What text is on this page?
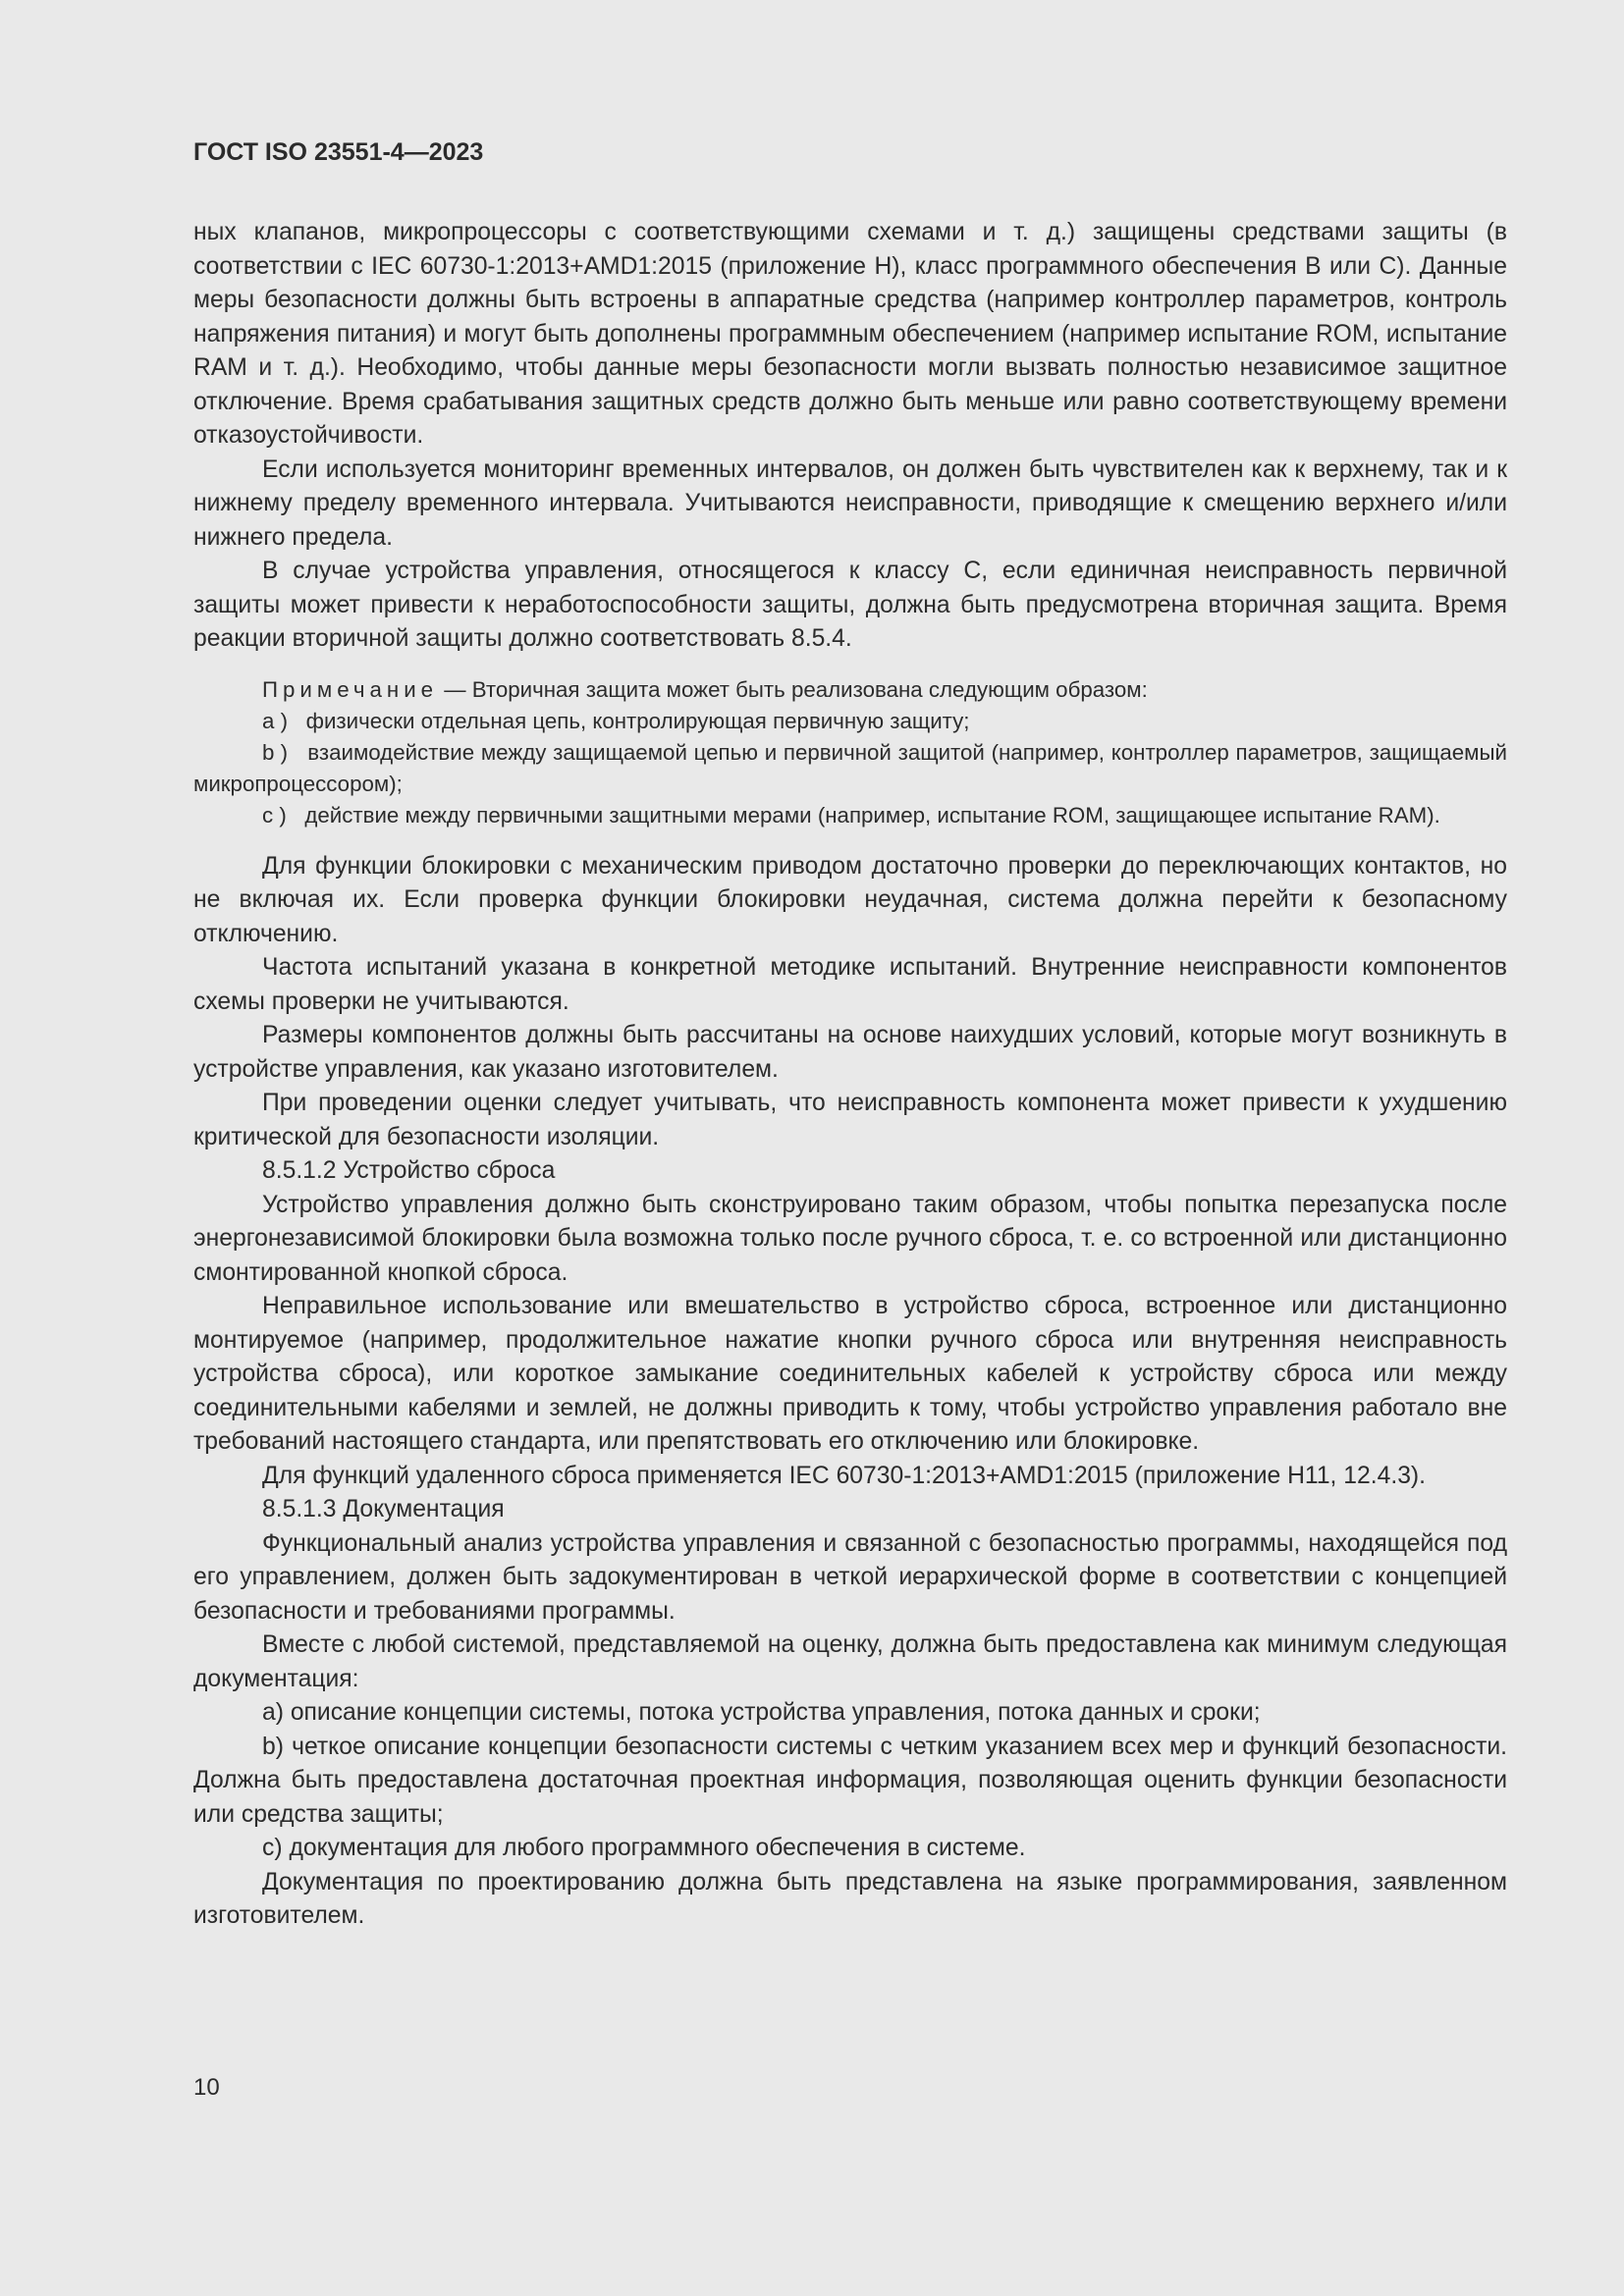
ГОСТ ISO 23551-4—2023

ных клапанов, микропроцессоры с соответствующими схемами и т. д.) защищены средствами защиты (в соответствии с IEC 60730-1:2013+AMD1:2015 (приложение H), класс программного обеспечения B или C). Данные меры безопасности должны быть встроены в аппаратные средства (например контроллер параметров, контроль напряжения питания) и могут быть дополнены программным обеспечением (например испытание ROM, испытание RAM и т. д.). Необходимо, чтобы данные меры безопасности могли вызвать полностью независимое защитное отключение. Время срабатывания защитных средств должно быть меньше или равно соответствующему времени отказоустойчивости.

Если используется мониторинг временных интервалов, он должен быть чувствителен как к верхнему, так и к нижнему пределу временного интервала. Учитываются неисправности, приводящие к смещению верхнего и/или нижнего предела.

В случае устройства управления, относящегося к классу C, если единичная неисправность первичной защиты может привести к неработоспособности защиты, должна быть предусмотрена вторичная защита. Время реакции вторичной защиты должно соответствовать 8.5.4.

Примечание — Вторичная защита может быть реализована следующим образом:

a ) физически отдельная цепь, контролирующая первичную защиту;

b ) взаимодействие между защищаемой цепью и первичной защитой (например, контроллер параметров, защищаемый микропроцессором);

c ) действие между первичными защитными мерами (например, испытание ROM, защищающее испытание RAM).

Для функции блокировки с механическим приводом достаточно проверки до переключающих контактов, но не включая их. Если проверка функции блокировки неудачная, система должна перейти к безопасному отключению.

Частота испытаний указана в конкретной методике испытаний. Внутренние неисправности компонентов схемы проверки не учитываются.

Размеры компонентов должны быть рассчитаны на основе наихудших условий, которые могут возникнуть в устройстве управления, как указано изготовителем.

При проведении оценки следует учитывать, что неисправность компонента может привести к ухудшению критической для безопасности изоляции.

8.5.1.2 Устройство сброса

Устройство управления должно быть сконструировано таким образом, чтобы попытка перезапуска после энергонезависимой блокировки была возможна только после ручного сброса, т. е. со встроенной или дистанционно смонтированной кнопкой сброса.

Неправильное использование или вмешательство в устройство сброса, встроенное или дистанционно монтируемое (например, продолжительное нажатие кнопки ручного сброса или внутренняя неисправность устройства сброса), или короткое замыкание соединительных кабелей к устройству сброса или между соединительными кабелями и землей, не должны приводить к тому, чтобы устройство управления работало вне требований настоящего стандарта, или препятствовать его отключению или блокировке.

Для функций удаленного сброса применяется IEC 60730-1:2013+AMD1:2015 (приложение H11, 12.4.3).

8.5.1.3 Документация

Функциональный анализ устройства управления и связанной с безопасностью программы, находящейся под его управлением, должен быть задокументирован в четкой иерархической форме в соответствии с концепцией безопасности и требованиями программы.

Вместе с любой системой, представляемой на оценку, должна быть предоставлена как минимум следующая документация:

a) описание концепции системы, потока устройства управления, потока данных и сроки;

b) четкое описание концепции безопасности системы с четким указанием всех мер и функций безопасности. Должна быть предоставлена достаточная проектная информация, позволяющая оценить функции безопасности или средства защиты;

c) документация для любого программного обеспечения в системе.

Документация по проектированию должна быть представлена на языке программирования, заявленном изготовителем.

10
